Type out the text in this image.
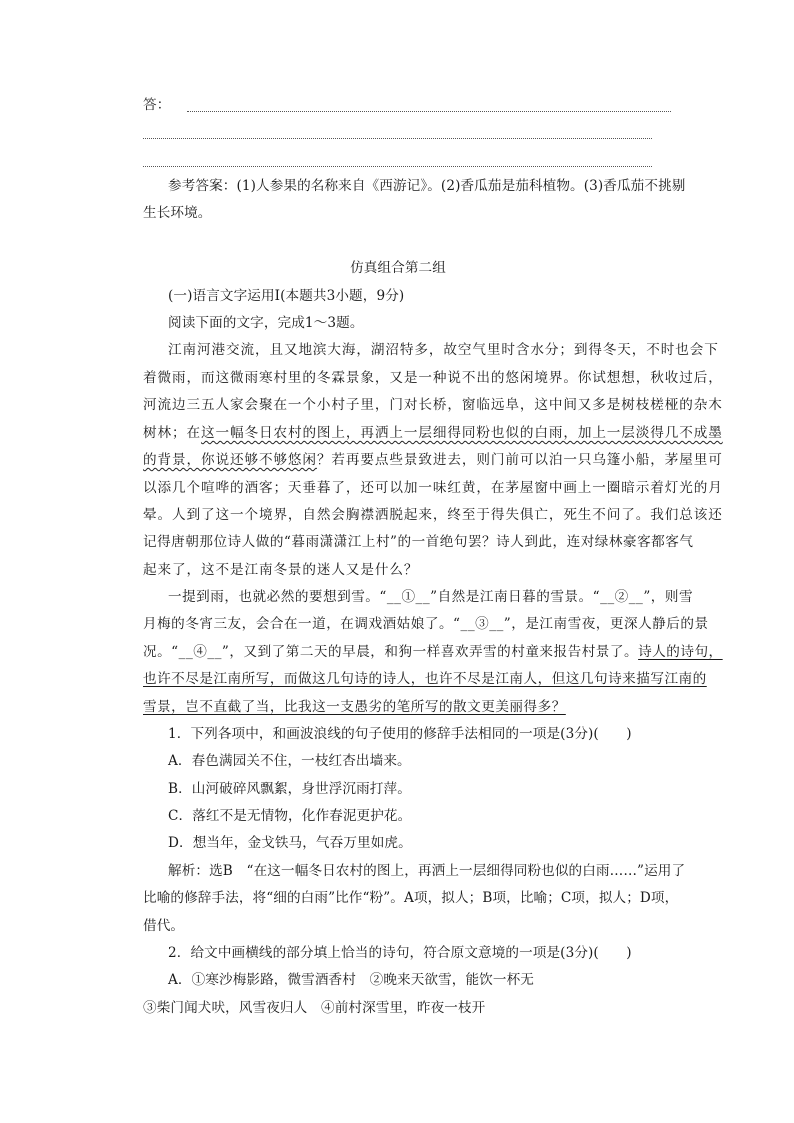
答：
参考答案：(1)人参果的名称来自《西游记》。(2)香瓜茄是茄科植物。(3)香瓜茄不挑剔
生长环境。
仿真组合第二组
(一)语言文字运用Ⅰ(本题共3小题，9分)
阅读下面的文字，完成1～3题。
江南河港交流，且又地滨大海，湖沼特多，故空气里时含水分；到得冬天，不时也会下
着微雨，而这微雨寒村里的冬霖景象，又是一种说不出的悠闲境界。你试想想，秋收过后，
河流边三五人家会聚在一个小村子里，门对长桥，窗临远阜，这中间又多是树枝槎桠的杂木
树林；在这一幅冬日农村的图上，再洒上一层细得同粉也似的白雨，加上一层淡得几不成墨
的背景，你说还够不够悠闲？若再要点些景致进去，则门前可以泊一只乌篷小船，茅屋里可
以添几个喧哗的酒客；天垂暮了，还可以加一味红黄，在茅屋窗中画上一圈暗示着灯光的月
晕。人到了这一个境界，自然会胸襟洒脱起来，终至于得失俱亡，死生不问了。我们总该还
记得唐朝那位诗人做的“暮雨潇潇江上村”的一首绝句罢？诗人到此，连对绿林豪客都客气
起来了，这不是江南冬景的迷人又是什么？
一提到雨，也就必然的要想到雪。“__①__”自然是江南日暮的雪景。“__②__”，则雪
月梅的冬宵三友，会合在一道，在调戏酒姑娘了。“__③__”，是江南雪夜，更深人静后的景
况。“__④__”，又到了第二天的早晨，和狗一样喜欢弄雪的村童来报告村景了。诗人的诗句，
也许不尽是江南所写，而做这几句诗的诗人，也许不尽是江南人，但这几句诗来描写江南的
雪景，岂不直截了当，比我这一支愚劣的笔所写的散文更美丽得多？
1．下列各项中，和画波浪线的句子使用的修辞手法相同的一项是(3分)(　　)
A．春色满园关不住，一枝红杏出墙来。
B．山河破碎风飘絮，身世浮沉雨打萍。
C．落红不是无情物，化作春泥更护花。
D．想当年，金戈铁马，气吞万里如虎。
解析：选B　“在这一幅冬日农村的图上，再洒上一层细得同粉也似的白雨……”运用了
比喻的修辞手法，将“细的白雨”比作“粉”。A项，拟人；B项，比喻；C项，拟人；D项，
借代。
2．给文中画横线的部分填上恰当的诗句，符合原文意境的一项是(3分)(　　)
A．①寒沙梅影路，微雪酒香村　②晚来天欲雪，能饮一杯无
③柴门闻犬吠，风雪夜归人　④前村深雪里，昨夜一枝开
